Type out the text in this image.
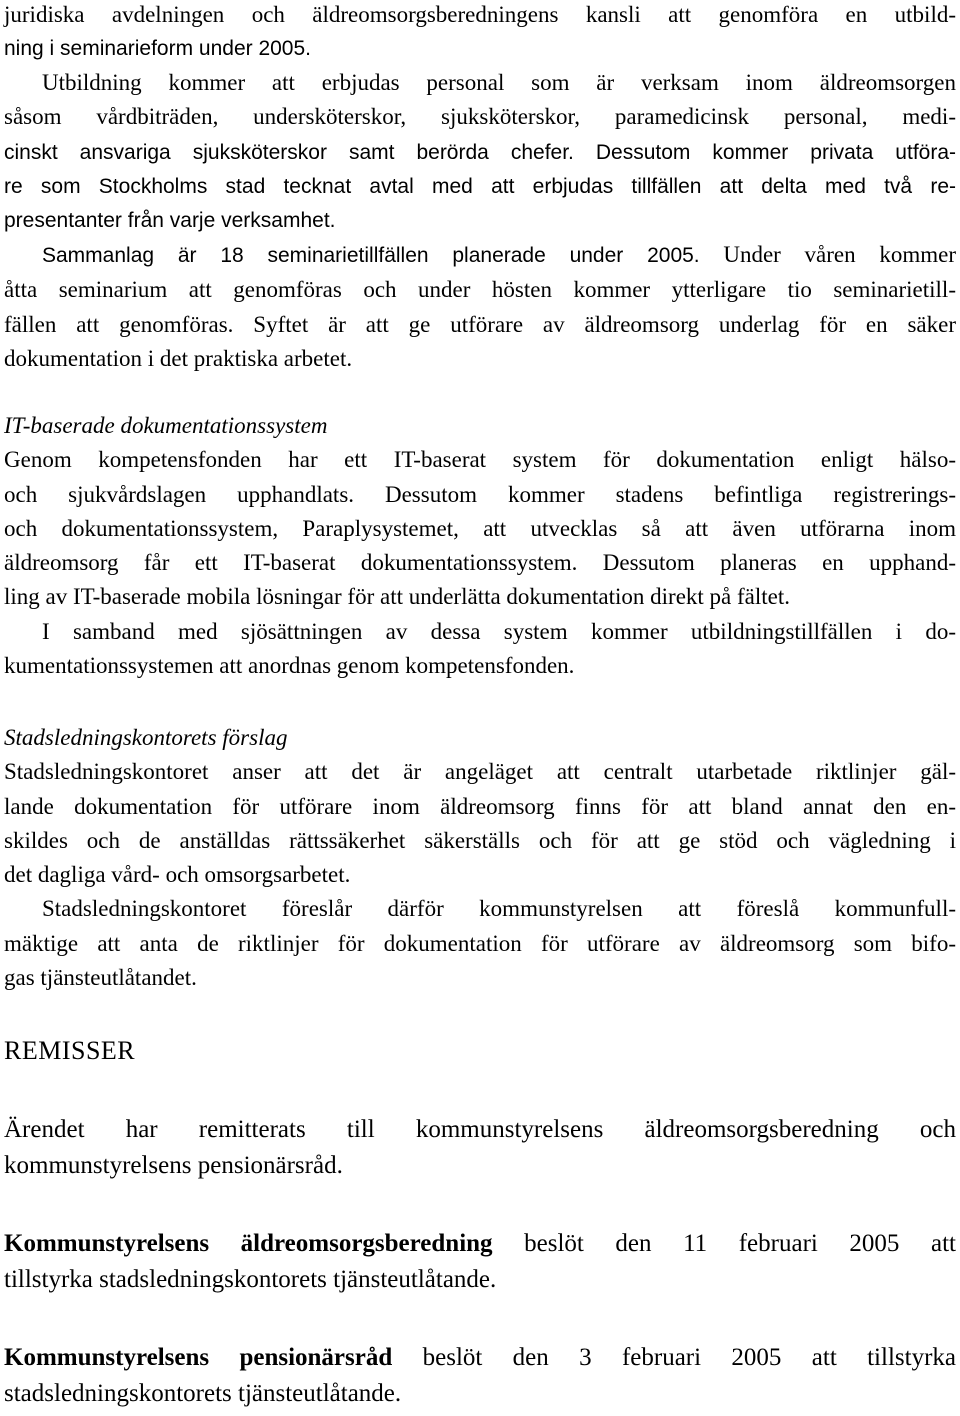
juridiska avdelningen och äldreomsorgsberedningens kansli att genomföra en utbild-
ning i seminarieform under 2005.
Utbildning kommer att erbjudas personal som är verksam inom äldreomsorgen
såsom vårdbiträden, undersköterskor, sjuksköterskor, paramedicinsk personal, medi-
cinskt ansvariga sjuksköterskor samt berörda chefer. Dessutom kommer privata utföra-
re som Stockholms stad tecknat avtal med att erbjudas tillfällen att delta med två re-
presentanter från varje verksamhet.
Sammanlag är 18 seminarietillfällen planerade under 2005. Under våren kommer
åtta seminarium att genomföras och under hösten kommer ytterligare tio seminarietill-
fällen att genomföras. Syftet är att ge utförare av äldreomsorg underlag för en säker
dokumentation i det praktiska arbetet.
IT-baserade dokumentationssystem
Genom kompetensfonden har ett IT-baserat system för dokumentation enligt hälso-
och sjukvårdslagen upphandlats. Dessutom kommer stadens befintliga registrerings-
och dokumentationssystem, Paraplysystemet, att utvecklas så att även utförarna inom
äldreomsorg får ett IT-baserat dokumentationssystem. Dessutom planeras en upphand-
ling av IT-baserade mobila lösningar för att underlätta dokumentation direkt på fältet.
I samband med sjösättningen av dessa system kommer utbildningstillfällen i do-
kumentationssystemen att anordnas genom kompetensfonden.
Stadsledningskontorets förslag
Stadsledningskontoret anser att det är angeläget att centralt utarbetade riktlinjer gäl-
lande dokumentation för utförare inom äldreomsorg finns för att bland annat den en-
skildes och de anställdas rättssäkerhet säkerställs och för att ge stöd och vägledning i
det dagliga vård- och omsorgsarbetet.
Stadsledningskontoret föreslår därför kommunstyrelsen att föreslå kommunfull-
mäktige att anta de riktlinjer för dokumentation för utförare av äldreomsorg som bifo-
gas tjänsteutlåtandet.
REMISSER
Ärendet har remitterats till kommunstyrelsens äldreomsorgsberedning och
kommunstyrelsens pensionärsråd.
Kommunstyrelsens äldreomsorgsberedning beslöt den 11 februari 2005 att
tillstyrka stadsledningskontorets tjänsteutlåtande.
Kommunstyrelsens pensionärsråd beslöt den 3 februari 2005 att tillstyrka
stadsledningskontorets tjänsteutlåtande.
